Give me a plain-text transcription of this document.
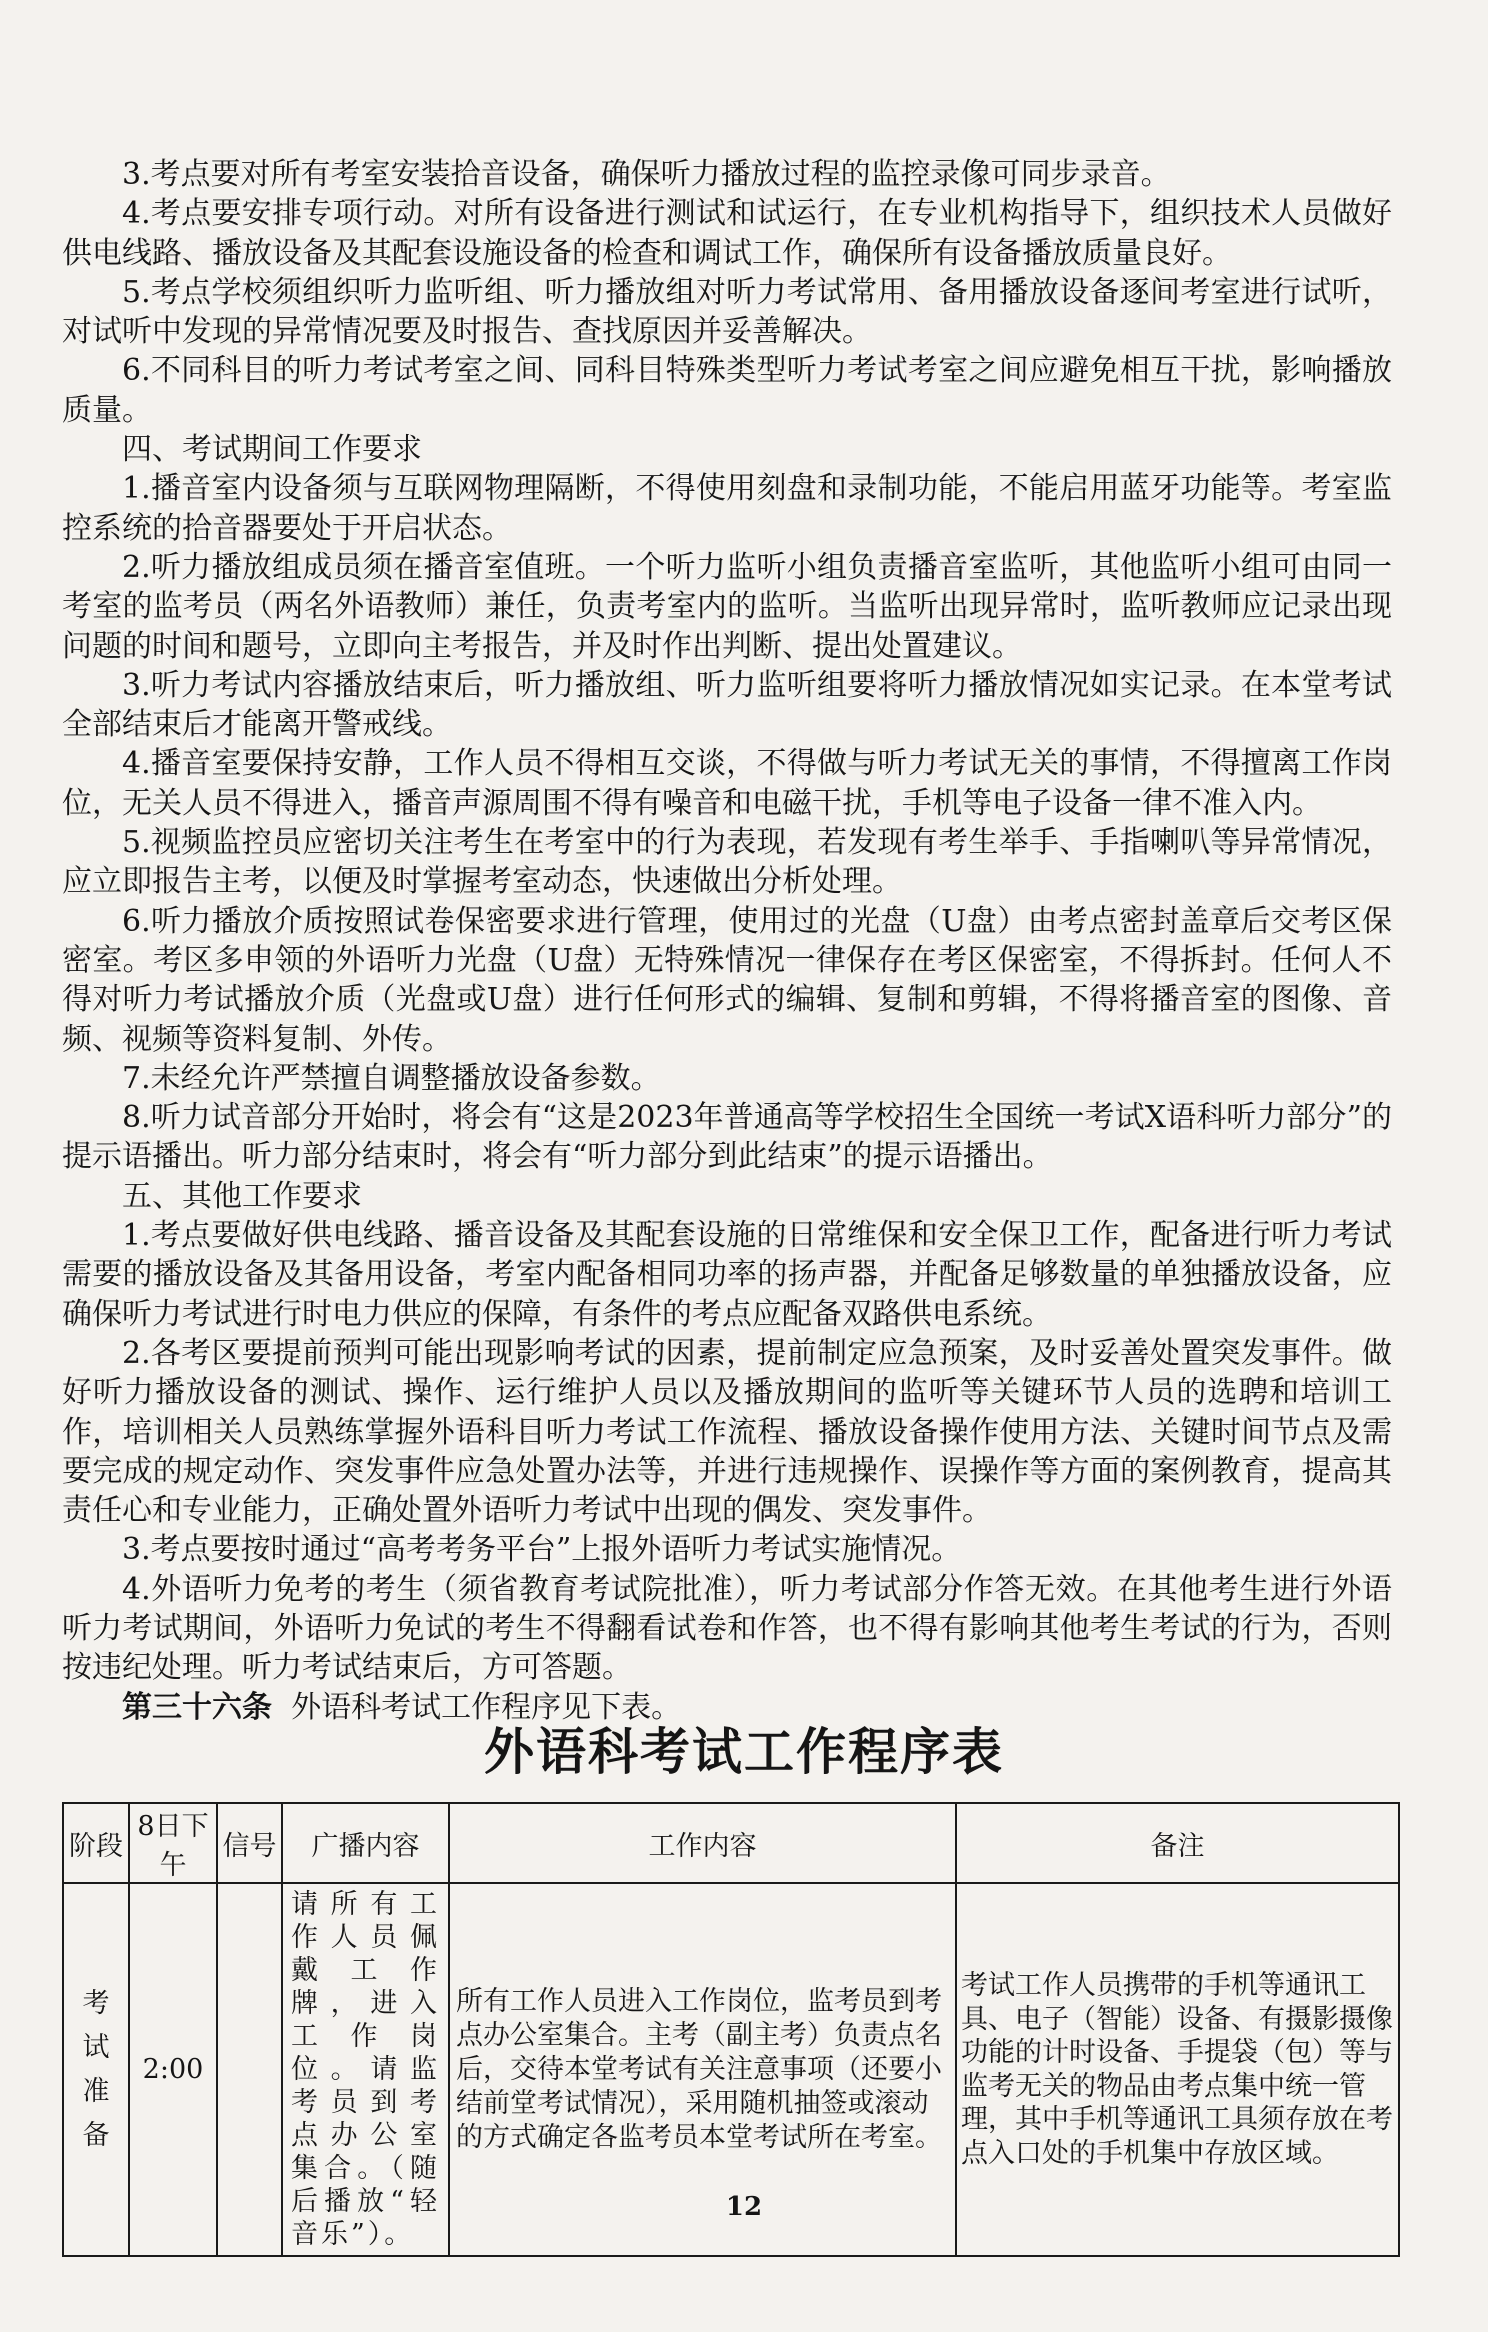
3.考点要对所有考室安装拾音设备，确保听力播放过程的监控录像可同步录音。

4.考点要安排专项行动。对所有设备进行测试和试运行，在专业机构指导下，组织技术人员做好供电线路、播放设备及其配套设施设备的检查和调试工作，确保所有设备播放质量良好。

5.考点学校须组织听力监听组、听力播放组对听力考试常用、备用播放设备逐间考室进行试听，对试听中发现的异常情况要及时报告、查找原因并妥善解决。

6.不同科目的听力考试考室之间、同科目特殊类型听力考试考室之间应避免相互干扰，影响播放质量。

四、考试期间工作要求

1.播音室内设备须与互联网物理隔断，不得使用刻盘和录制功能，不能启用蓝牙功能等。考室监控系统的拾音器要处于开启状态。

2.听力播放组成员须在播音室值班。一个听力监听小组负责播音室监听，其他监听小组可由同一考室的监考员（两名外语教师）兼任，负责考室内的监听。当监听出现异常时，监听教师应记录出现问题的时间和题号，立即向主考报告，并及时作出判断、提出处置建议。

3.听力考试内容播放结束后，听力播放组、听力监听组要将听力播放情况如实记录。在本堂考试全部结束后才能离开警戒线。

4.播音室要保持安静，工作人员不得相互交谈，不得做与听力考试无关的事情，不得擅离工作岗位，无关人员不得进入，播音声源周围不得有噪音和电磁干扰，手机等电子设备一律不准入内。

5.视频监控员应密切关注考生在考室中的行为表现，若发现有考生举手、手指喇叭等异常情况，应立即报告主考，以便及时掌握考室动态，快速做出分析处理。

6.听力播放介质按照试卷保密要求进行管理，使用过的光盘（U盘）由考点密封盖章后交考区保密室。考区多申领的外语听力光盘（U盘）无特殊情况一律保存在考区保密室，不得拆封。任何人不得对听力考试播放介质（光盘或U盘）进行任何形式的编辑、复制和剪辑，不得将播音室的图像、音频、视频等资料复制、外传。

7.未经允许严禁擅自调整播放设备参数。

8.听力试音部分开始时，将会有“这是2023年普通高等学校招生全国统一考试X语科听力部分”的提示语播出。听力部分结束时，将会有“听力部分到此结束”的提示语播出。

五、其他工作要求

1.考点要做好供电线路、播音设备及其配套设施的日常维保和安全保卫工作，配备进行听力考试需要的播放设备及其备用设备，考室内配备相同功率的扬声器，并配备足够数量的单独播放设备，应确保听力考试进行时电力供应的保障，有条件的考点应配备双路供电系统。

2.各考区要提前预判可能出现影响考试的因素，提前制定应急预案，及时妥善处置突发事件。做好听力播放设备的测试、操作、运行维护人员以及播放期间的监听等关键环节人员的选聘和培训工作，培训相关人员熟练掌握外语科目听力考试工作流程、播放设备操作使用方法、关键时间节点及需要完成的规定动作、突发事件应急处置办法等，并进行违规操作、误操作等方面的案例教育，提高其责任心和专业能力，正确处置外语听力考试中出现的偶发、突发事件。

3.考点要按时通过“高考考务平台”上报外语听力考试实施情况。

4.外语听力免考的考生（须省教育考试院批准），听力考试部分作答无效。在其他考生进行外语听力考试期间，外语听力免试的考生不得翻看试卷和作答，也不得有影响其他考生考试的行为，否则按违纪处理。听力考试结束后，方可答题。

第三十六条 外语科考试工作程序见下表。

外语科考试工作程序表
阶段	8日下午	信号	广播内容	工作内容	备注
考试准备	2:00		请所有工作人员佩戴工作牌，进入工作岗位。请监考员到考点办公室集合。（随后播放“轻音乐”）。	所有工作人员进入工作岗位，监考员到考点办公室集合。主考（副主考）负责点名后，交待本堂考试有关注意事项（还要小结前堂考试情况），采用随机抽签或滚动的方式确定各监考员本堂考试所在考室。	考试工作人员携带的手机等通讯工具、电子（智能）设备、有摄影摄像功能的计时设备、手提袋（包）等与监考无关的物品由考点集中统一管理，其中手机等通讯工具须存放在考点入口处的手机集中存放区域。
12
